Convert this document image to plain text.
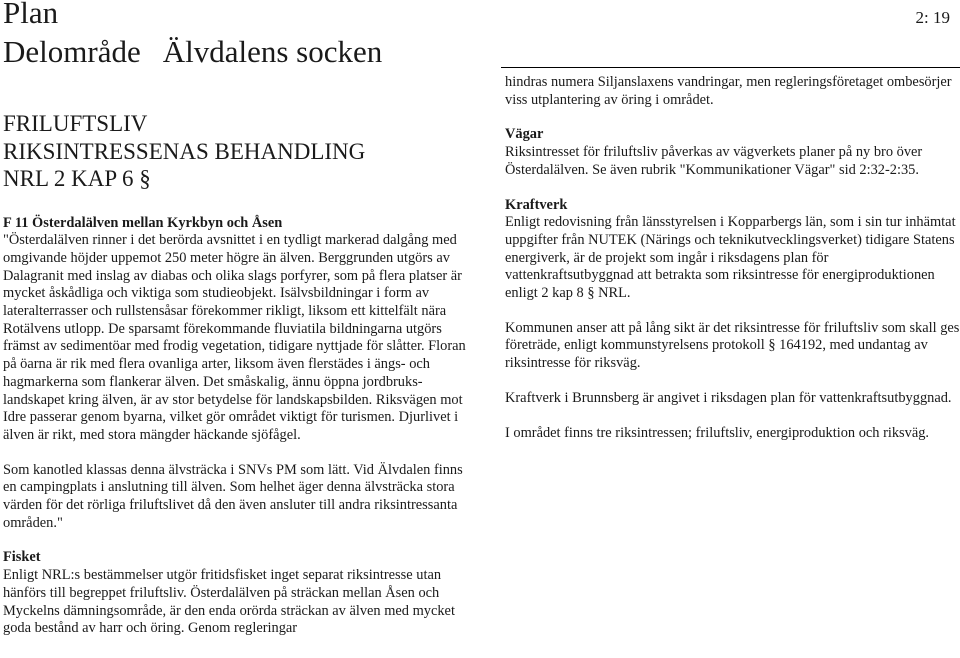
Plan
Delområde Älvdalens socken
2: 19
FRILUFTSLIV
RIKSINTRESSENAS BEHANDLING
NRL 2 KAP 6 §

F 11 Österdalälven mellan Kyrkbyn och Åsen

"Österdalälven rinner i det berörda avsnittet i en tydligt markerad dalgång med omgivande höjder uppemot 250 meter högre än älven. Berggrunden utgörs av Dalagranit med inslag av diabas och olika slags porfyrer, som på flera platser är mycket åskådliga och viktiga som studieobjekt. Isälvsbildningar i form av lateralterrasser och rullstensåsar förekommer rikligt, liksom ett kittelfält nära Rotälvens utlopp. De sparsamt förekommande fluviatila bildningarna utgörs främst av sedimentöar med frodig vegetation, tidigare nyttjade för slåtter. Floran på öarna är rik med flera ovanliga arter, liksom även flerstädes i ängs- och hagmarkerna som flankerar älven. Det småskalig, ännu öppna jordbruks- landskapet kring älven, är av stor betydelse för landskapsbilden. Riksvägen mot Idre passerar genom byarna, vilket gör området viktigt för turismen. Djurlivet i älven är rikt, med stora mängder häckande sjöfågel.

Som kanotled klassas denna älvsträcka i SNVs PM som lätt. Vid Älvdalen finns en campingplats i anslutning till älven. Som helhet äger denna älvsträcka stora värden för det rörliga friluftslivet då den även ansluter till andra riksintressanta områden."

Fisket

Enligt NRL:s bestämmelser utgör fritidsfisket inget separat riksintresse utan hänförs till begreppet friluftsliv. Österdalälven på sträckan mellan Åsen och Myckelns dämningsområde, är den enda orörda sträckan av älven med mycket goda bestånd av harr och öring. Genom regleringar

hindras numera Siljanslaxens vandringar, men regleringsföretaget ombesörjer viss utplantering av öring i området.

Vägar

Riksintresset för friluftsliv påverkas av vägverkets planer på ny bro över Österdalälven. Se även rubrik "Kommunikationer Vägar" sid 2:32-2:35.

Kraftverk

Enligt redovisning från länsstyrelsen i Kopparbergs län, som i sin tur inhämtat uppgifter från NUTEK (Närings och teknikutvecklingsverket) tidigare Statens energiverk, är de projekt som ingår i riksdagens plan för vattenkraftsutbyggnad att betrakta som riksintresse för energiproduktionen enligt 2 kap 8 § NRL.

Kommunen anser att på lång sikt är det riksintresse för friluftsliv som skall ges företräde, enligt kommunstyrelsens protokoll § 164192, med undantag av riksintresse för riksväg.

Kraftverk i Brunnsberg är angivet i riksdagen plan för vattenkraftsutbyggnad.

I området finns tre riksintressen; friluftsliv, energiproduktion och riksväg.
